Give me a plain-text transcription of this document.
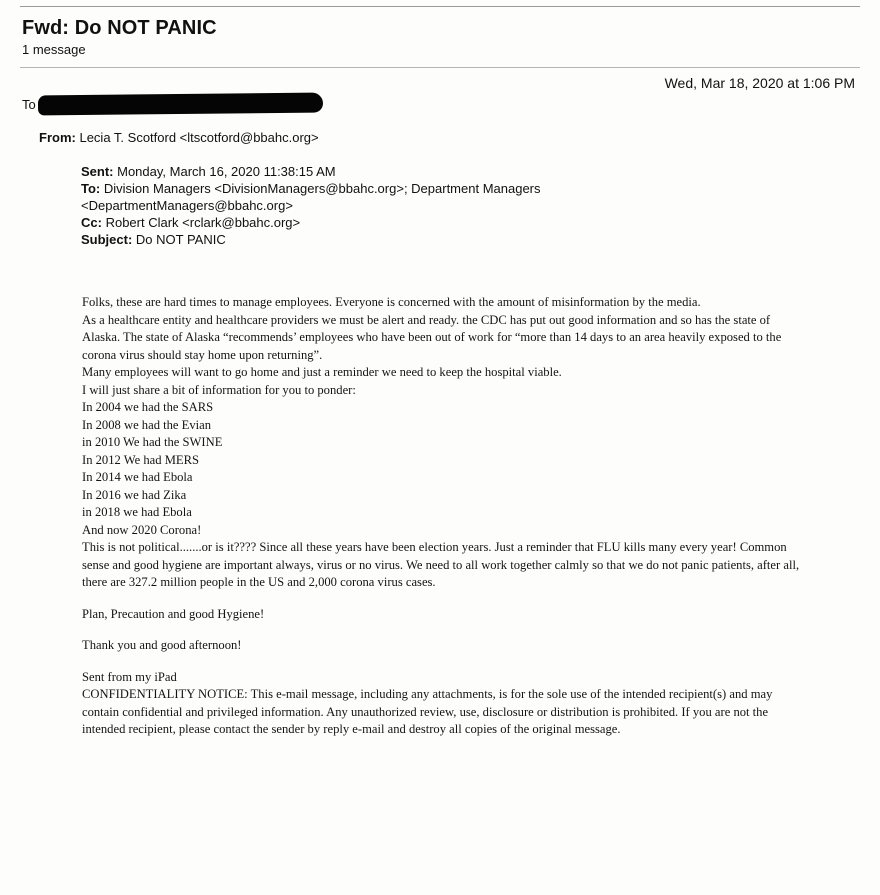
Fwd: Do NOT PANIC
1 message
Wed, Mar 18, 2020 at 1:06 PM
To
From: Lecia T. Scotford <ltscotford@bbahc.org>
Sent: Monday, March 16, 2020 11:38:15 AM
To: Division Managers <DivisionManagers@bbahc.org>; Department Managers
<DepartmentManagers@bbahc.org>
Cc: Robert Clark <rclark@bbahc.org>
Subject: Do NOT PANIC

Folks, these are hard times to manage employees. Everyone is concerned with the amount of misinformation by the media.

As a healthcare entity and healthcare providers we must be alert and ready. the CDC has put out good information and so has the state of Alaska. The state of Alaska “recommends’ employees who have been out of work for “more than 14 days to an area heavily exposed to the corona virus should stay home upon returning”.

Many employees will want to go home and just a reminder we need to keep the hospital viable.

I will just share a bit of information for you to ponder:

In 2004 we had the SARS

In 2008 we had the Evian

in 2010 We had the SWINE

In 2012 We had MERS

In 2014 we had Ebola

In 2016 we had Zika

in 2018 we had Ebola

And now 2020 Corona!

This is not political.......or is it???? Since all these years have been election years. Just a reminder that FLU kills many every year! Common sense and good hygiene are important always, virus or no virus. We need to all work together calmly so that we do not panic patients, after all, there are 327.2 million people in the US and 2,000 corona virus cases.

Plan, Precaution and good Hygiene!

Thank you and good afternoon!

Sent from my iPad

CONFIDENTIALITY NOTICE: This e-mail message, including any attachments, is for the sole use of the intended recipient(s) and may contain confidential and privileged information. Any unauthorized review, use, disclosure or distribution is prohibited. If you are not the intended recipient, please contact the sender by reply e-mail and destroy all copies of the original message.
